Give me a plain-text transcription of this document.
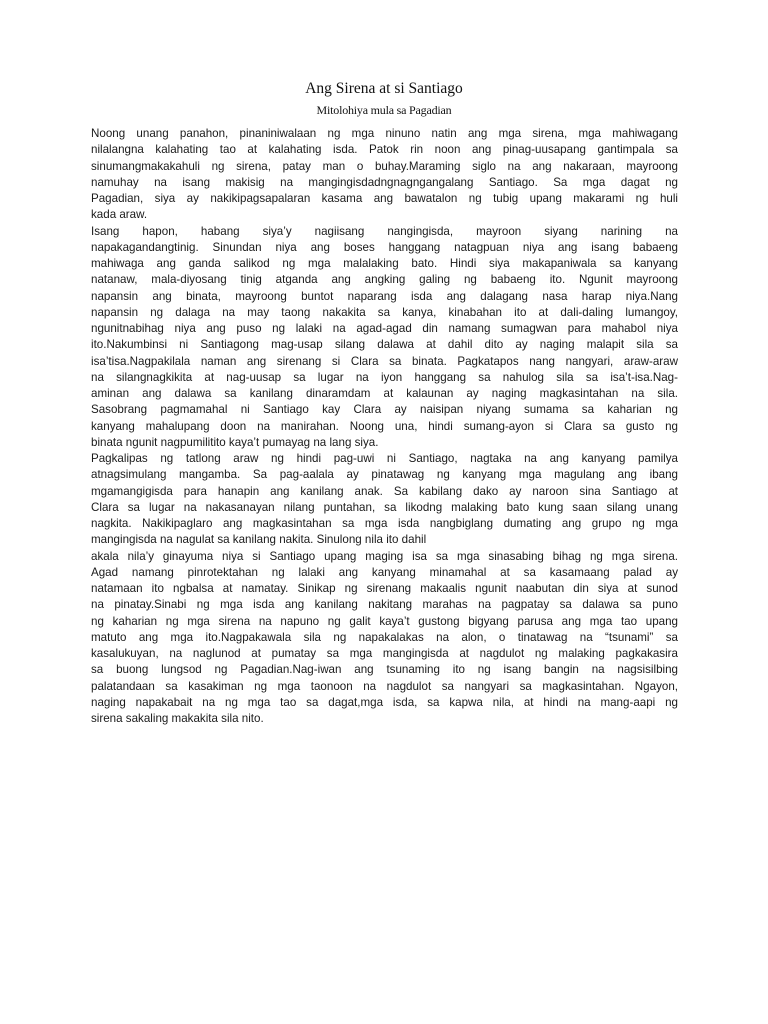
Ang Sirena at si Santiago
Mitolohiya mula sa Pagadian
Noong unang panahon, pinaniniwalaan ng mga ninuno natin ang mga sirena, mga mahiwagang
nilalangna kalahating tao at kalahating isda. Patok rin noon ang pinag-uusapang gantimpala sa
sinumangmakakahuli ng sirena, patay man o buhay.Maraming siglo na ang nakaraan, mayroong
namuhay na isang makisig na mangingisdadngnagngangalang Santiago. Sa mga dagat ng
Pagadian, siya ay nakikipagsapalaran kasama ang bawatalon ng tubig upang makarami ng huli
kada araw.
Isang hapon, habang siya’y nagiisang nangingisda, mayroon siyang narining na
napakagandangtinig. Sinundan niya ang boses hanggang natagpuan niya ang isang babaeng
mahiwaga ang ganda salikod ng mga malalaking bato. Hindi siya makapaniwala sa kanyang
natanaw, mala-diyosang tinig atganda ang angking galing ng babaeng ito. Ngunit mayroong
napansin ang binata, mayroong buntot naparang isda ang dalagang nasa harap niya.Nang
napansin ng dalaga na may taong nakakita sa kanya, kinabahan ito at dali-daling lumangoy,
ngunitnabihag niya ang puso ng lalaki na agad-agad din namang sumagwan para mahabol niya
ito.Nakumbinsi ni Santiagong mag-usap silang dalawa at dahil dito ay naging malapit sila sa
isa’tisa.Nagpakilala naman ang sirenang si Clara sa binata. Pagkatapos nang nangyari, araw-araw
na silangnagkikita at nag-uusap sa lugar na iyon hanggang sa nahulog sila sa isa’t-isa.Nag-
aminan ang dalawa sa kanilang dinaramdam at kalaunan ay naging magkasintahan na sila.
Sasobrang pagmamahal ni Santiago kay Clara ay naisipan niyang sumama sa kaharian ng
kanyang mahalupang doon na manirahan. Noong una, hindi sumang-ayon si Clara sa gusto ng
binata ngunit nagpumilitito kaya’t pumayag na lang siya.
Pagkalipas ng tatlong araw ng hindi pag-uwi ni Santiago, nagtaka na ang kanyang pamilya
atnagsimulang mangamba. Sa pag-aalala ay pinatawag ng kanyang mga magulang ang ibang
mgamangigisda para hanapin ang kanilang anak. Sa kabilang dako ay naroon sina Santiago at
Clara sa lugar na nakasanayan nilang puntahan, sa likodng malaking bato kung saan silang unang
nagkita. Nakikipaglaro ang magkasintahan sa mga isda nangbiglang dumating ang grupo ng mga
mangingisda na nagulat sa kanilang nakita. Sinulong nila ito dahil
akala nila’y ginayuma niya si Santiago upang maging isa sa mga sinasabing bihag ng mga sirena.
Agad namang pinrotektahan ng lalaki ang kanyang minamahal at sa kasamaang palad ay
natamaan ito ngbalsa at namatay. Sinikap ng sirenang makaalis ngunit naabutan din siya at sunod
na pinatay.Sinabi ng mga isda ang kanilang nakitang marahas na pagpatay sa dalawa sa puno
ng kaharian ng mga sirena na napuno ng galit kaya’t gustong bigyang parusa ang mga tao upang
matuto ang mga ito.Nagpakawala sila ng napakalakas na alon, o tinatawag na “tsunami” sa
kasalukuyan, na naglunod at pumatay sa mga mangingisda at nagdulot ng malaking pagkakasira
sa buong lungsod ng Pagadian.Nag-iwan ang tsunaming ito ng isang bangin na nagsisilbing
palatandaan sa kasakiman ng mga taonoon na nagdulot sa nangyari sa magkasintahan. Ngayon,
naging napakabait na ng mga tao sa dagat,mga isda, sa kapwa nila, at hindi na mang-aapi ng
sirena sakaling makakita sila nito.
